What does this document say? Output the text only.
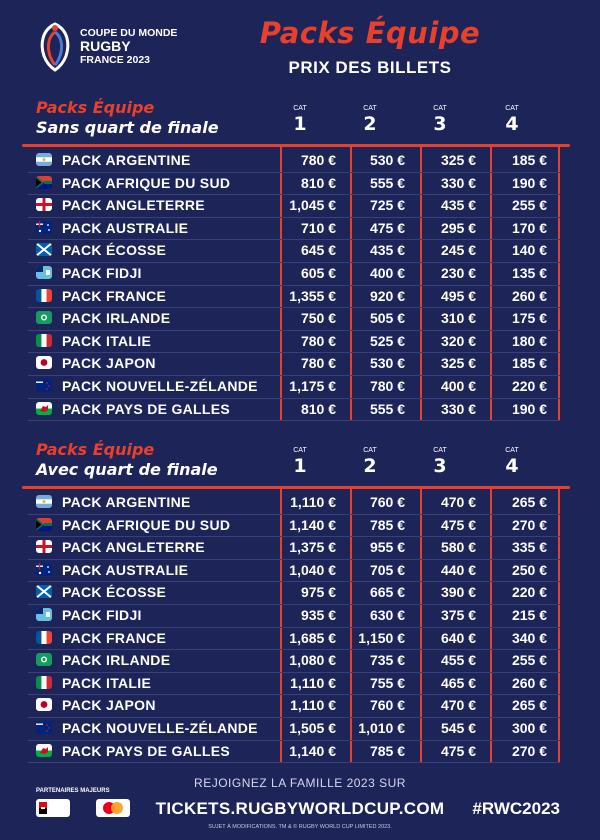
COUPE DU MONDE
RUGBY
FRANCE 2023
Packs Équipe
PRIX DES BILLETS
Packs Équipe
Sans quart de finale
CAT
1
CAT
2
CAT
3
CAT
4
PACK ARGENTINE	780 €	530 €	325 €	185 €
PACK AFRIQUE DU SUD	810 €	555 €	330 €	190 €
PACK ANGLETERRE	1,045 €	725 €	435 €	255 €
PACK AUSTRALIE	710 €	475 €	295 €	170 €
PACK ÉCOSSE	645 €	435 €	245 €	140 €
PACK FIDJI	605 €	400 €	230 €	135 €
PACK FRANCE	1,355 €	920 €	495 €	260 €
PACK IRLANDE	750 €	505 €	310 €	175 €
PACK ITALIE	780 €	525 €	320 €	180 €
PACK JAPON	780 €	530 €	325 €	185 €
PACK NOUVELLE-ZÉLANDE	1,175 €	780 €	400 €	220 €
PACK PAYS DE GALLES	810 €	555 €	330 €	190 €
Packs Équipe
Avec quart de finale
CAT
1
CAT
2
CAT
3
CAT
4
PACK ARGENTINE	1,110 €	760 €	470 €	265 €
PACK AFRIQUE DU SUD	1,140 €	785 €	475 €	270 €
PACK ANGLETERRE	1,375 €	955 €	580 €	335 €
PACK AUSTRALIE	1,040 €	705 €	440 €	250 €
PACK ÉCOSSE	975 €	665 €	390 €	220 €
PACK FIDJI	935 €	630 €	375 €	215 €
PACK FRANCE	1,685 €	1,150 €	640 €	340 €
PACK IRLANDE	1,080 €	735 €	455 €	255 €
PACK ITALIE	1,110 €	755 €	465 €	260 €
PACK JAPON	1,110 €	760 €	470 €	265 €
PACK NOUVELLE-ZÉLANDE	1,505 €	1,010 €	545 €	300 €
PACK PAYS DE GALLES	1,140 €	785 €	475 €	270 €
PARTENAIRES MAJEURS
REJOIGNEZ LA FAMILLE 2023 SUR
TICKETS.RUGBYWORLDCUP.COM	#RWC2023
SUJET À MODIFICATIONS. TM & © RUGBY WORLD CUP LIMITED 2023.
